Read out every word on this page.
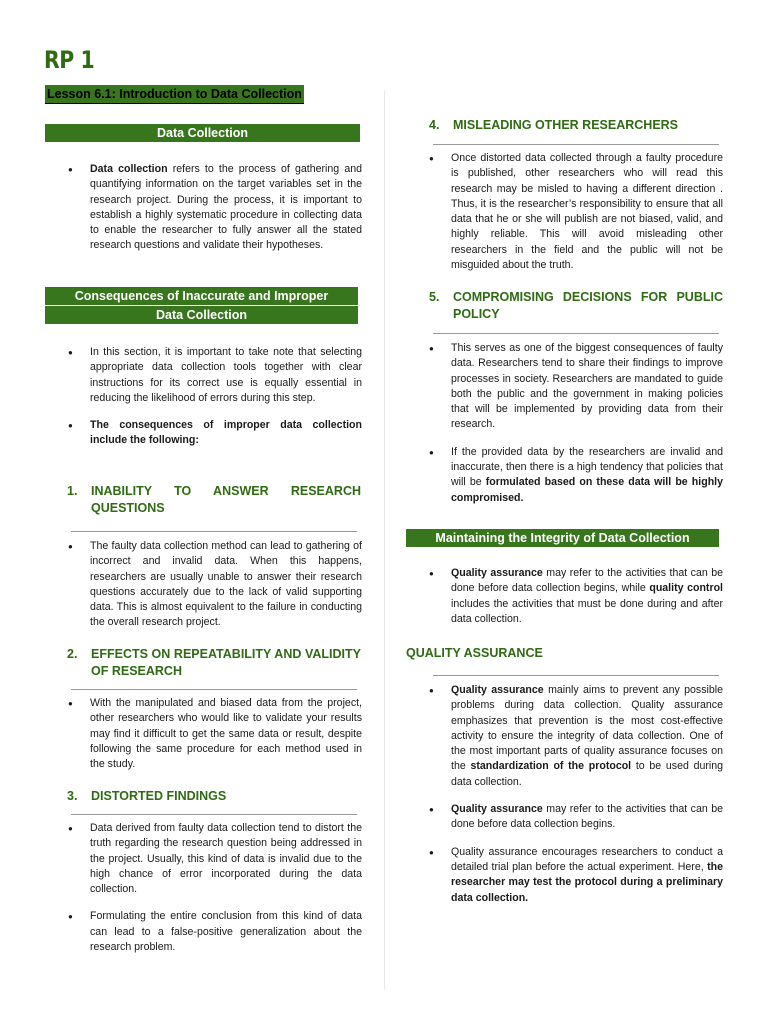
RP 1
Lesson 6.1: Introduction to Data Collection
Data Collection
● Data collection refers to the process of gathering and quantifying information on the target variables set in the research project. During the process, it is important to establish a highly systematic procedure in collecting data to enable the researcher to fully answer all the stated research questions and validate their hypotheses.
Consequences of Inaccurate and Improper
Data Collection
● In this section, it is important to take note that selecting appropriate data collection tools together with clear instructions for its correct use is equally essential in reducing the likelihood of errors during this step.
● The consequences of improper data collection include the following:
1.	INABILITY TO ANSWER RESEARCH QUESTIONS
● The faulty data collection method can lead to gathering of incorrect and invalid data. When this happens, researchers are usually unable to answer their research questions accurately due to the lack of valid supporting data. This is almost equivalent to the failure in conducting the overall research project.
2.	EFFECTS ON REPEATABILITY AND VALIDITY OF RESEARCH
● With the manipulated and biased data from the project, other researchers who would like to validate your results may find it difficult to get the same data or result, despite following the same procedure for each method used in the study.
3.	DISTORTED FINDINGS
● Data derived from faulty data collection tend to distort the truth regarding the research question being addressed in the project. Usually, this kind of data is invalid due to the high chance of error incorporated during the data collection.
● Formulating the entire conclusion from this kind of data can lead to a false-positive generalization about the research problem.
4.	MISLEADING OTHER RESEARCHERS
● Once distorted data collected through a faulty procedure is published, other researchers who will read this research may be misled to having a different direction . Thus, it is the researcher’s responsibility to ensure that all data that he or she will publish are not biased, valid, and highly reliable. This will avoid misleading other researchers in the field and the public will not be misguided about the truth.
5.	COMPROMISING DECISIONS FOR PUBLIC POLICY
● This serves as one of the biggest consequences of faulty data. Researchers tend to share their findings to improve processes in society. Researchers are mandated to guide both the public and the government in making policies that will be implemented by providing data from their research.
● If the provided data by the researchers are invalid and inaccurate, then there is a high tendency that policies that will be formulated based on these data will be highly compromised.
Maintaining the Integrity of Data Collection
● Quality assurance may refer to the activities that can be done before data collection begins, while quality control includes the activities that must be done during and after data collection.
QUALITY ASSURANCE
● Quality assurance mainly aims to prevent any possible problems during data collection. Quality assurance emphasizes that prevention is the most cost-effective activity to ensure the integrity of data collection. One of the most important parts of quality assurance focuses on the standardization of the protocol to be used during data collection.
● Quality assurance may refer to the activities that can be done before data collection begins.
● Quality assurance encourages researchers to conduct a detailed trial plan before the actual experiment. Here, the researcher may test the protocol during a preliminary data collection.
